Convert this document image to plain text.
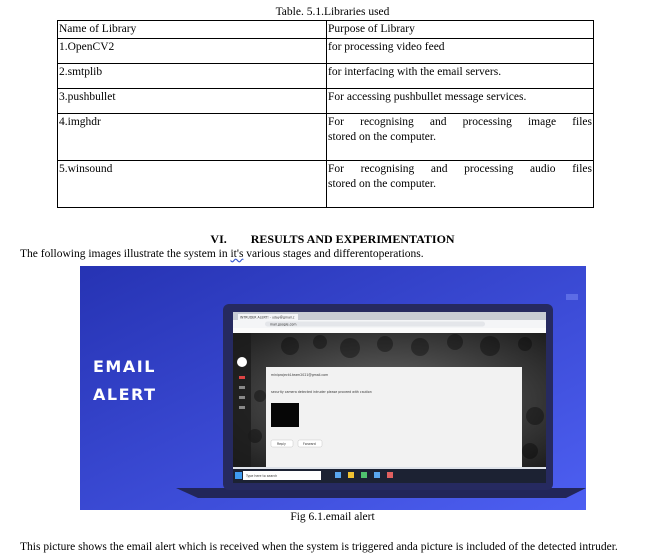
Table. 5.1.Libraries used
Name of Library	Purpose of Library
1.OpenCV2	for processing video feed
2.smtplib	for interfacing with the email servers.
3.pushbullet	For accessing pushbullet message services.
4.imghdr	For recognising and processing image files
stored on the computer.

5.winsound	For recognising and processing audio files
stored on the computer.
VI. RESULTS AND EXPERIMENTATION
The following images illustrate the system in it's various stages and differentoperations.
EMAIL
ALERT
INTRUDER ALERT! - uday@gmail.c
mail.google.com
miniproject4.team2021@gmail.com
security camera detected intruder please proceed with caution
Reply	Forward
Type here to search
Fig 6.1.email alert
This picture shows the email alert which is received when the system is triggered anda picture is included of the detected intruder.
